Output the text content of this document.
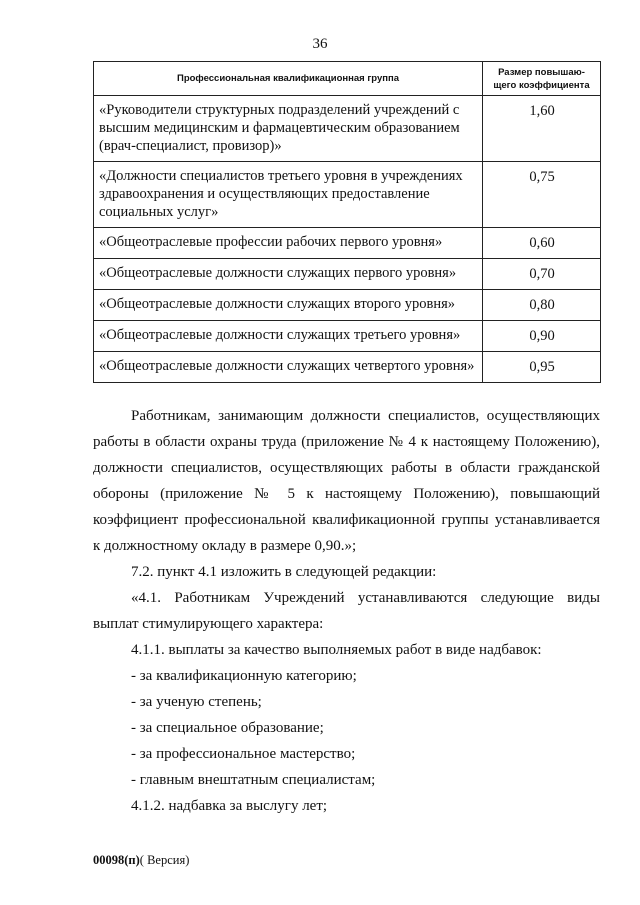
36
Профессиональная квалификационная группа	Размер повышаю-
щего коэффициента
«Руководители структурных подразделений учреждений с высшим медицинским и фармацевтическим образованием (врач-специалист, провизор)»	1,60
«Должности специалистов третьего уровня в учреждениях здравоохранения и осуществляющих предоставление социальных услуг»	0,75
«Общеотраслевые профессии рабочих первого уровня»	0,60
«Общеотраслевые должности служащих первого уровня»	0,70
«Общеотраслевые должности служащих второго уровня»	0,80
«Общеотраслевые должности служащих третьего уровня»	0,90
«Общеотраслевые должности служащих четвертого уровня»	0,95

Работникам, занимающим должности специалистов, осуществляющих работы в области охраны труда (приложение № 4 к настоящему Положению), должности специалистов, осуществляющих работы в области гражданской обороны (приложение № 5 к настоящему Положению), повышающий коэффициент профессиональной квалификационной группы устанавливается к должностному окладу в размере 0,90.»;

7.2. пункт 4.1 изложить в следующей редакции:

«4.1. Работникам Учреждений устанавливаются следующие виды выплат стимулирующего характера:

4.1.1. выплаты за качество выполняемых работ в виде надбавок:

- за квалификационную категорию;

- за ученую степень;

- за специальное образование;

- за профессиональное мастерство;

- главным внештатным специалистам;

4.1.2. надбавка за выслугу лет;

00098(п)( Версия)
